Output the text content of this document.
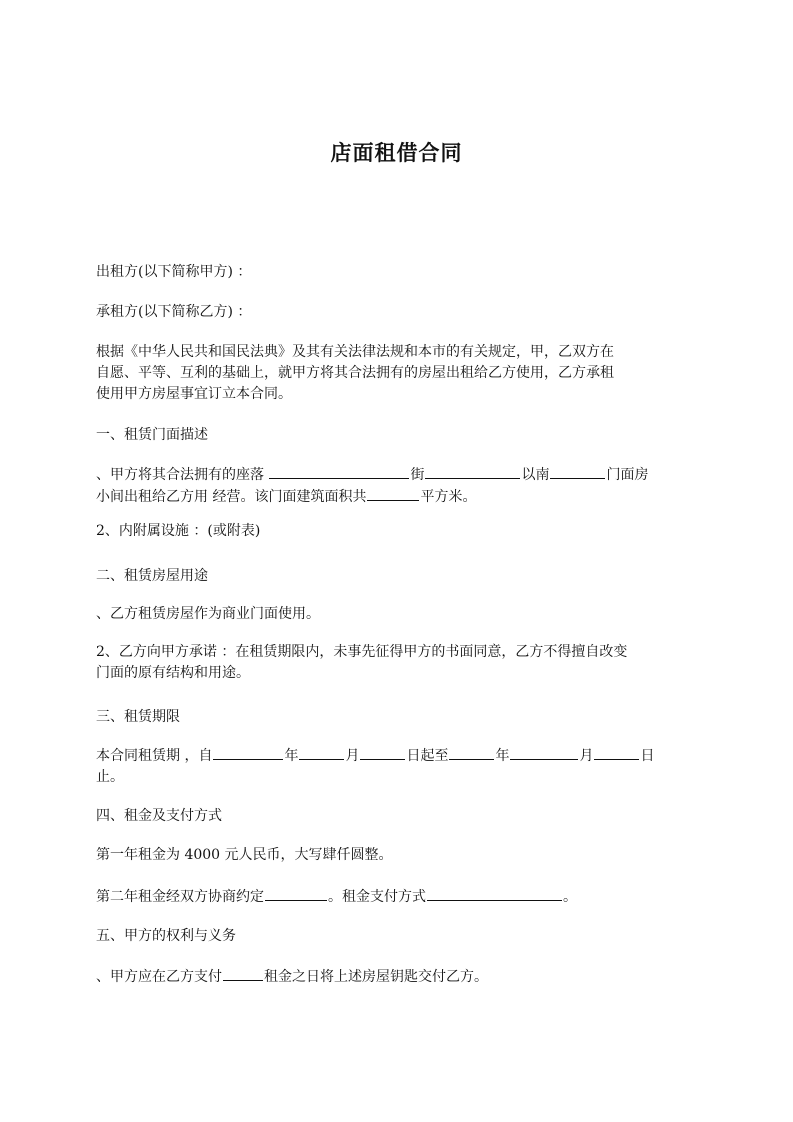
店面租借合同

出租方(以下简称甲方) ：

承租方(以下简称乙方) ：

根据《中华人民共和国民法典》及其有关法律法规和本市的有关规定，甲，乙双方在
自愿、平等、互利的基础上，就甲方将其合法拥有的房屋出租给乙方使用，乙方承租
使用甲方房屋事宜订立本合同。

一、租赁门面描述

、甲方将其合法拥有的座落	街	以南	门面房
小间出租给乙方用 经营。该门面建筑面积共	平方米。

2、内附属设施 ：(或附表)

二、租赁房屋用途

、乙方租赁房屋作为商业门面使用。

2、乙方向甲方承诺 ：在租赁期限内，未事先征得甲方的书面同意，乙方不得擅自改变
门面的原有结构和用途。

三、租赁期限

本合同租赁期 ，自	年	月	日起至	年	月	日
止。

四、租金及支付方式

第一年租金为 4000 元人民币，大写肆仟圆整。

第二年租金经双方协商约定	。租金支付方式	。

五、甲方的权利与义务

、甲方应在乙方支付	租金之日将上述房屋钥匙交付乙方。
